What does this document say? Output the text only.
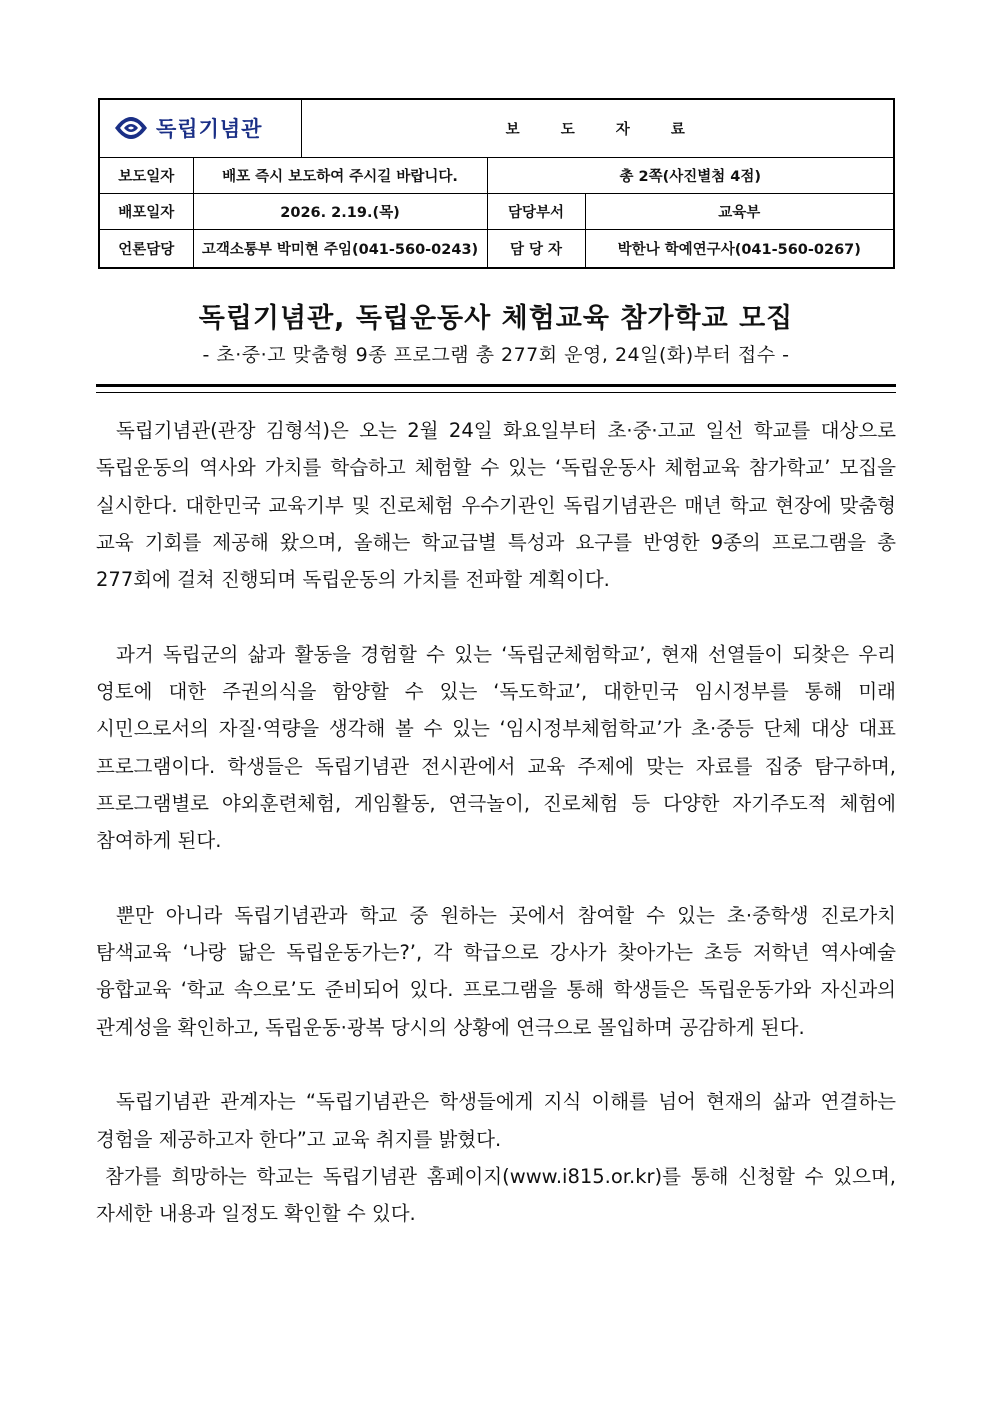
독립기념관		보 도 자 료		
보도일자	배포 즉시 보도하여 주시길 바랍니다.		총 2쪽(사진별첨 4점)	
배포일자	2026. 2.19.(목)		담당부서	교육부
언론담당	고객소통부 박미현 주임(041-560-0243)		담 당 자	박한나 학예연구사(041-560-0267)
독립기념관, 독립운동사 체험교육 참가학교 모집

- 초·중·고 맞춤형 9종 프로그램 총 277회 운영, 24일(화)부터 접수 -

독립기념관(관장 김형석)은 오는 2월 24일 화요일부터 초·중·고교 일선 학교를 대상으로 독립운동의 역사와 가치를 학습하고 체험할 수 있는 ‘독립운동사 체험교육 참가학교’ 모집을 실시한다. 대한민국 교육기부 및 진로체험 우수기관인 독립기념관은 매년 학교 현장에 맞춤형 교육 기회를 제공해 왔으며, 올해는 학교급별 특성과 요구를 반영한 9종의 프로그램을 총 277회에 걸쳐 진행되며 독립운동의 가치를 전파할 계획이다.

과거 독립군의 삶과 활동을 경험할 수 있는 ‘독립군체험학교’, 현재 선열들이 되찾은 우리 영토에 대한 주권의식을 함양할 수 있는 ‘독도학교’, 대한민국 임시정부를 통해 미래 시민으로서의 자질·역량을 생각해 볼 수 있는 ‘임시정부체험학교’가 초·중등 단체 대상 대표 프로그램이다. 학생들은 독립기념관 전시관에서 교육 주제에 맞는 자료를 집중 탐구하며, 프로그램별로 야외훈련체험, 게임활동, 연극놀이, 진로체험 등 다양한 자기주도적 체험에 참여하게 된다.

뿐만 아니라 독립기념관과 학교 중 원하는 곳에서 참여할 수 있는 초·중학생 진로가치 탐색교육 ‘나랑 닮은 독립운동가는?’, 각 학급으로 강사가 찾아가는 초등 저학년 역사예술 융합교육 ‘학교 속으로’도 준비되어 있다. 프로그램을 통해 학생들은 독립운동가와 자신과의 관계성을 확인하고, 독립운동·광복 당시의 상황에 연극으로 몰입하며 공감하게 된다.

독립기념관 관계자는 “독립기념관은 학생들에게 지식 이해를 넘어 현재의 삶과 연결하는 경험을 제공하고자 한다”고 교육 취지를 밝혔다.

참가를 희망하는 학교는 독립기념관 홈페이지(www.i815.or.kr)를 통해 신청할 수 있으며, 자세한 내용과 일정도 확인할 수 있다.
